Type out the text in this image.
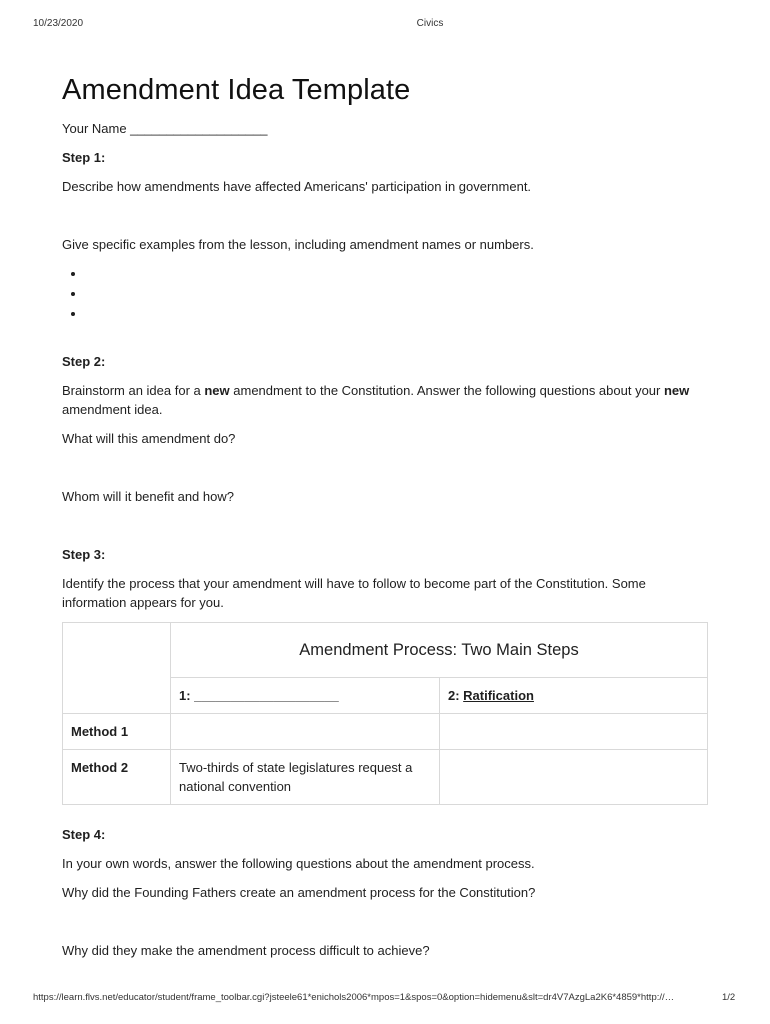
10/23/2020	Civics
Amendment Idea Template

Your Name ___________________

Step 1:

Describe how amendments have affected Americans' participation in government.

Give specific examples from the lesson, including amendment names or numbers.

•
•
•

Step 2:

Brainstorm an idea for a new amendment to the Constitution. Answer the following questions about your new amendment idea.

What will this amendment do?

Whom will it benefit and how?

Step 3:

Identify the process that your amendment will have to follow to become part of the Constitution. Some information appears for you.

	Amendment Process: Two Main Steps	
	1: ____________________	2: Ratification
Method 1		
Method 2	Two-thirds of state legislatures request a national convention	

Step 4:

In your own words, answer the following questions about the amendment process.

Why did the Founding Fathers create an amendment process for the Constitution?

Why did they make the amendment process difficult to achieve?

https://learn.flvs.net/educator/student/frame_toolbar.cgi?jsteele61*enichols2006*mpos=1&spos=0&option=hidemenu&slt=dr4V7AzgLa2K6*4859*http://…	1/2
